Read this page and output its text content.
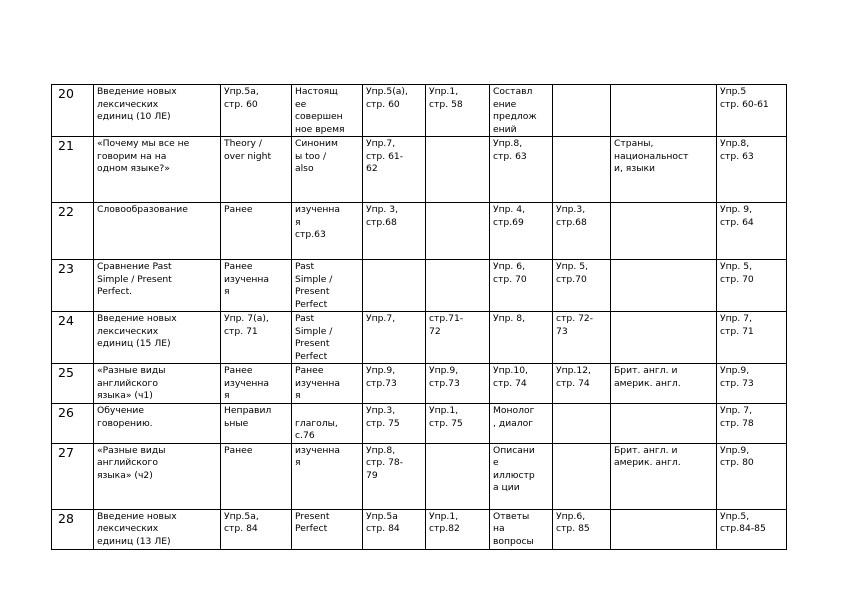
20	Введение новых
лексических
единиц (10 ЛЕ)	Упр.5а,
стр. 60	Настоящ
ее
совершен
ное время	Упр.5(а),
стр. 60	Упр.1,
стр. 58	Составл
ение
предлож
ений			Упр.5
стр. 60-61
21	«Почему мы все не
говорим на на
одном языке?»	Theory /
over night	Синоним
ы too /
also	Упр.7,
стр. 61-
62		Упр.8,
стр. 63		Страны,
национальност
и, языки	Упр.8,
стр. 63
22	Словообразование	Ранее	изученна
я
стр.63	Упр. 3,
стр.68		Упр. 4,
стр.69	Упр.3,
стр.68		Упр. 9,
стр. 64
23	Сравнение Past
Simple / Present
Perfect.	Ранее
изученна
я	Past
Simple /
Present
Perfect			Упр. 6,
стр. 70	Упр. 5,
стр.70		Упр. 5,
стр. 70
24	Введение новых
лексических
единиц (15 ЛЕ)	Упр. 7(а),
стр. 71	Past
Simple /
Present
Perfect	Упр.7,	стр.71-
72	Упр. 8,	стр. 72-
73		Упр. 7,
стр. 71
25	«Разные виды
английского
языка» (ч1)	Ранее
изученна
я	Ранее
изученна
я	Упр.9,
стр.73	Упр.9,
стр.73	Упр.10,
стр. 74	Упр.12,
стр. 74	Брит. англ. и
америк. англ.	Упр.9,
стр. 73
26	Обучение
говорению.	Неправил
ьные	
глаголы,
с.76	Упр.3,
стр. 75	Упр.1,
стр. 75	Монолог
, диалог			Упр. 7,
стр. 78
27	«Разные виды
английского
языка» (ч2)	Ранее	изученна
я	Упр.8,
стр. 78-
79		Описани
е
иллюстр
а ции		Брит. англ. и
америк. англ.	Упр.9,
стр. 80
28	Введение новых
лексических
единиц (13 ЛЕ)	Упр.5а,
стр. 84	Present
Perfect	Упр.5а
стр. 84	Упр.1,
стр.82	Ответы
на
вопросы	Упр.6,
стр. 85		Упр.5,
стр.84-85
